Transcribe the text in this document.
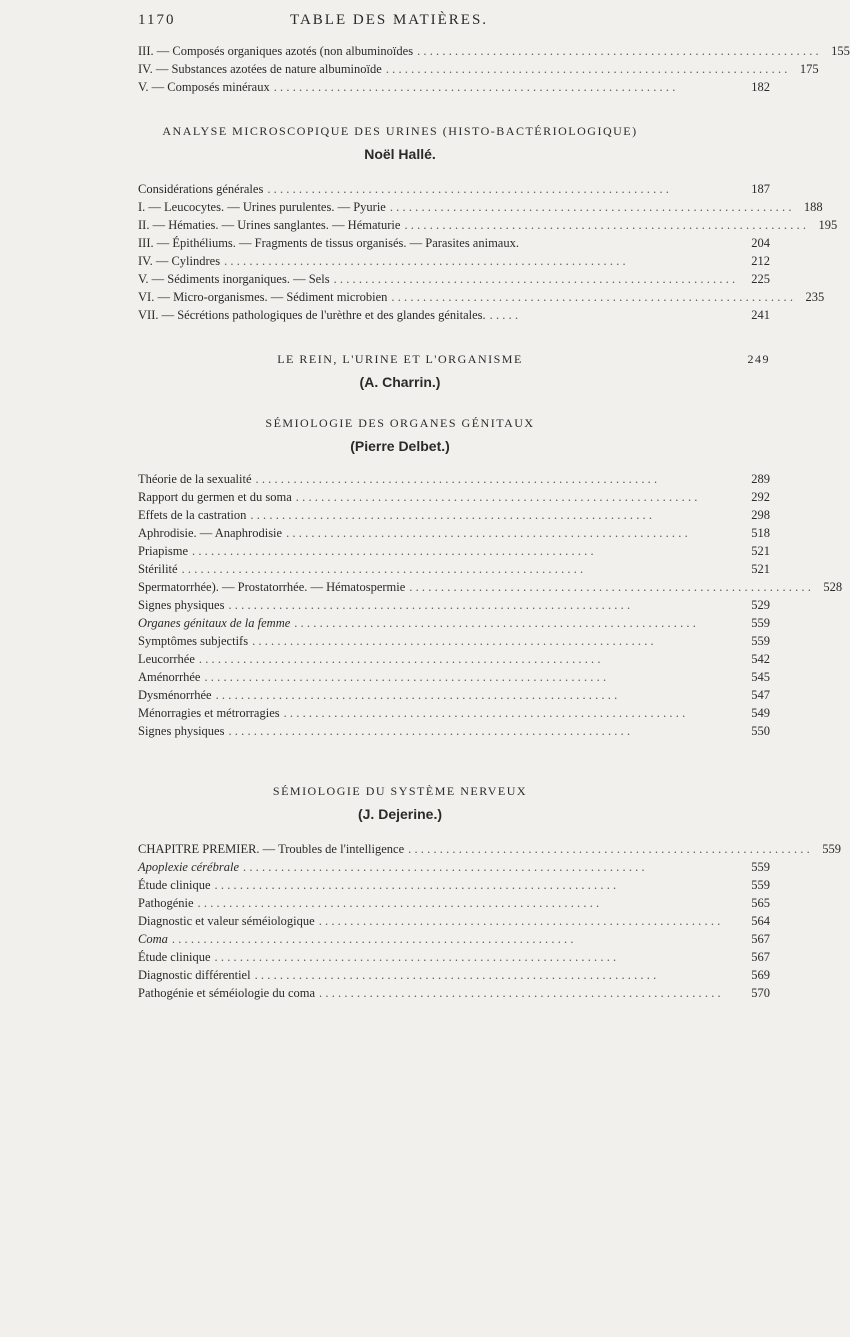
1170	TABLE DES MATIÈRES.
III. — Composés organiques azotés (non albuminoïdes ................................................................ 155
IV. — Substances azotées de nature albuminoïde ................................................................ 175
V. — Composés minéraux ................................................................	182
ANALYSE MICROSCOPIQUE DES URINES (HISTO-BACTÉRIOLOGIQUE)
Noël Hallé.
Considérations générales ................................................................	187
I. — Leucocytes. — Urines purulentes. — Pyurie ................................................................ 188
II. — Hématies. — Urines sanglantes. — Hématurie ................................................................ 195
III. — Épithéliums. — Fragments de tissus organisés. — Parasites animaux.	204
IV. — Cylindres ................................................................	212
V. — Sédiments inorganiques. — Sels ................................................................	225
VI. — Micro-organismes. — Sédiment microbien ................................................................ 235
VII. — Sécrétions pathologiques de l'urèthre et des glandes génitales. .....	241
LE REIN, L'URINE ET L'ORGANISME	249
(A. Charrin.)
SÉMIOLOGIE DES ORGANES GÉNITAUX
(Pierre Delbet.)
Théorie de la sexualité ................................................................	289
Rapport du germen et du soma ................................................................	292
Effets de la castration ................................................................	298
Aphrodisie. — Anaphrodisie ................................................................	518
Priapisme ................................................................	521
Stérilité ................................................................	521
Spermatorrhée). — Prostatorrhée. — Hématospermie ................................................................ 528
Signes physiques ................................................................	529
Organes génitaux de la femme ................................................................	559
Symptômes subjectifs ................................................................	559
Leucorrhée ................................................................	542
Aménorrhée ................................................................	545
Dysménorrhée ................................................................	547
Ménorragies et métrorragies ................................................................	549
Signes physiques ................................................................	550
SÉMIOLOGIE DU SYSTÈME NERVEUX
(J. Dejerine.)
CHAPITRE PREMIER. — Troubles de l'intelligence ................................................................ 559
Apoplexie cérébrale ................................................................	559
Étude clinique ................................................................	559
Pathogénie ................................................................	565
Diagnostic et valeur séméiologique ................................................................	564
Coma ................................................................	567
Étude clinique ................................................................	567
Diagnostic différentiel ................................................................	569
Pathogénie et séméiologie du coma ................................................................	570
